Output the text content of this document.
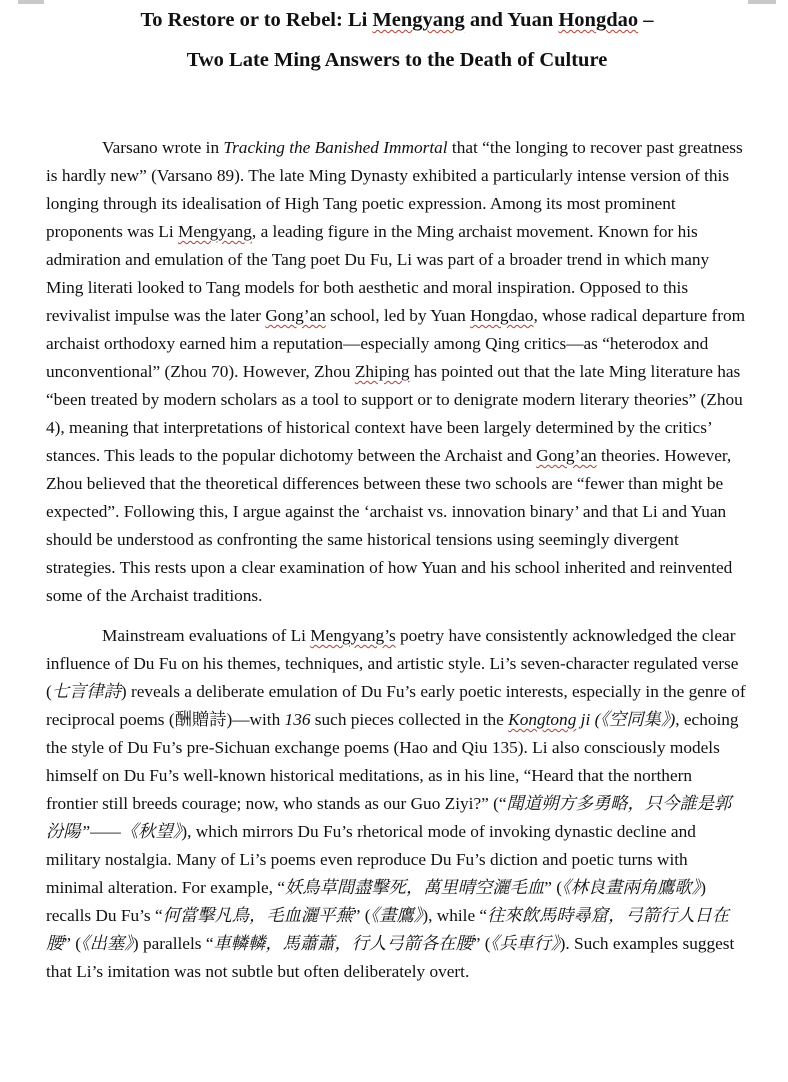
To Restore or to Rebel: Li Mengyang and Yuan Hongdao –
Two Late Ming Answers to the Death of Culture

Varsano wrote in Tracking the Banished Immortal that “the longing to recover past greatness is hardly new” (Varsano 89). The late Ming Dynasty exhibited a particularly intense version of this longing through its idealisation of High Tang poetic expression. Among its most prominent proponents was Li Mengyang, a leading figure in the Ming archaist movement. Known for his admiration and emulation of the Tang poet Du Fu, Li was part of a broader trend in which many Ming literati looked to Tang models for both aesthetic and moral inspiration. Opposed to this revivalist impulse was the later Gong’an school, led by Yuan Hongdao, whose radical departure from archaist orthodoxy earned him a reputation—especially among Qing critics—as “heterodox and unconventional” (Zhou 70). However, Zhou Zhiping has pointed out that the late Ming literature has “been treated by modern scholars as a tool to support or to denigrate modern literary theories” (Zhou 4), meaning that interpretations of historical context have been largely determined by the critics’ stances. This leads to the popular dichotomy between the Archaist and Gong’an theories. However, Zhou believed that the theoretical differences between these two schools are “fewer than might be expected”. Following this, I argue against the ‘archaist vs. innovation binary’ and that Li and Yuan should be understood as confronting the same historical tensions using seemingly divergent strategies. This rests upon a clear examination of how Yuan and his school inherited and reinvented some of the Archaist traditions.

Mainstream evaluations of Li Mengyang’s poetry have consistently acknowledged the clear influence of Du Fu on his themes, techniques, and artistic style. Li’s seven-character regulated verse (七言律詩) reveals a deliberate emulation of Du Fu’s early poetic interests, especially in the genre of reciprocal poems (酬贈詩)—with 136 such pieces collected in the Kongtong ji (《空同集》), echoing the style of Du Fu’s pre-Sichuan exchange poems (Hao and Qiu 135). Li also consciously models himself on Du Fu’s well-known historical meditations, as in his line, “Heard that the northern frontier still breeds courage; now, who stands as our Guo Ziyi?” (“聞道朔方多勇略，只今誰是郭汾陽”——《秋望》), which mirrors Du Fu’s rhetorical mode of invoking dynastic decline and military nostalgia. Many of Li’s poems even reproduce Du Fu’s diction and poetic turns with minimal alteration. For example, “妖鳥草間盡擊死，萬里晴空灑毛血” (《林良畫兩角鷹歌》) recalls Du Fu’s “何當擊凡鳥，毛血灑平蕪” (《畫鷹》), while “往來飲馬時尋窟，弓箭行人日在腰” (《出塞》) parallels “車轔轔，馬蕭蕭，行人弓箭各在腰” (《兵車行》). Such examples suggest that Li’s imitation was not subtle but often deliberately overt.
